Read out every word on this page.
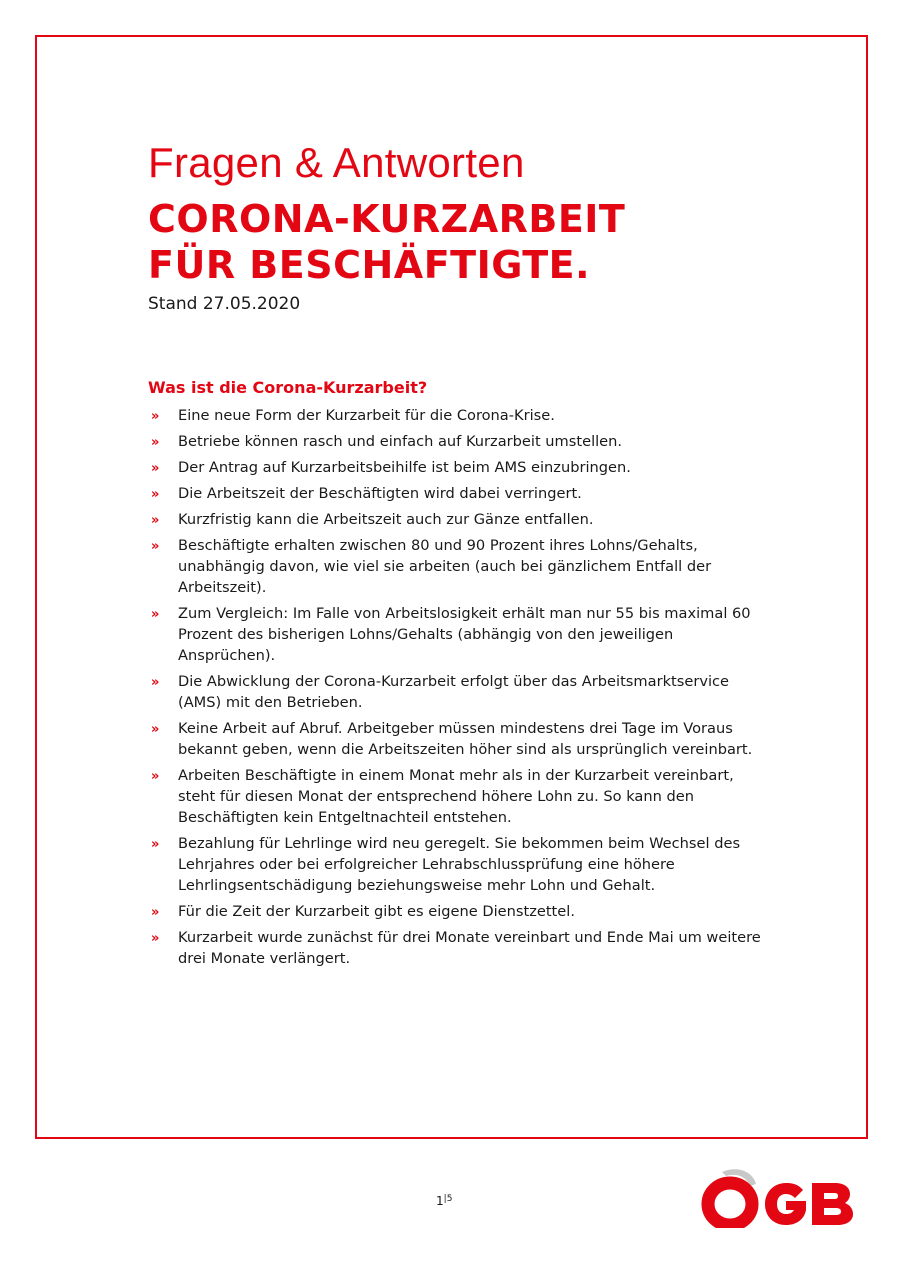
Fragen & Antworten
CORONA-KURZARBEIT
FÜR BESCHÄFTIGTE.

Stand 27.05.2020

Was ist die Corona-Kurzarbeit?
» Eine neue Form der Kurzarbeit für die Corona-Krise.
» Betriebe können rasch und einfach auf Kurzarbeit umstellen.
» Der Antrag auf Kurzarbeitsbeihilfe ist beim AMS einzubringen.
» Die Arbeitszeit der Beschäftigten wird dabei verringert.
» Kurzfristig kann die Arbeitszeit auch zur Gänze entfallen.
» Beschäftigte erhalten zwischen 80 und 90 Prozent ihres Lohns/Gehalts, unabhängig davon, wie viel sie arbeiten (auch bei gänzlichem Entfall der Arbeitszeit).
» Zum Vergleich: Im Falle von Arbeitslosigkeit erhält man nur 55 bis maximal 60 Prozent des bisherigen Lohns/Gehalts (abhängig von den jeweiligen Ansprüchen).
» Die Abwicklung der Corona-Kurzarbeit erfolgt über das Arbeitsmarktservice (AMS) mit den Betrieben.
» Keine Arbeit auf Abruf. Arbeitgeber müssen mindestens drei Tage im Voraus bekannt geben, wenn die Arbeitszeiten höher sind als ursprünglich vereinbart.
» Arbeiten Beschäftigte in einem Monat mehr als in der Kurzarbeit vereinbart, steht für diesen Monat der entsprechend höhere Lohn zu. So kann den Beschäftigten kein Entgeltnachteil entstehen.
» Bezahlung für Lehrlinge wird neu geregelt. Sie bekommen beim Wechsel des Lehrjahres oder bei erfolgreicher Lehrabschlussprüfung eine höhere Lehrlingsentschädigung beziehungsweise mehr Lohn und Gehalt.
» Für die Zeit der Kurzarbeit gibt es eigene Dienstzettel.
» Kurzarbeit wurde zunächst für drei Monate vereinbart und Ende Mai um weitere drei Monate verlängert.
$1^{|5}$
